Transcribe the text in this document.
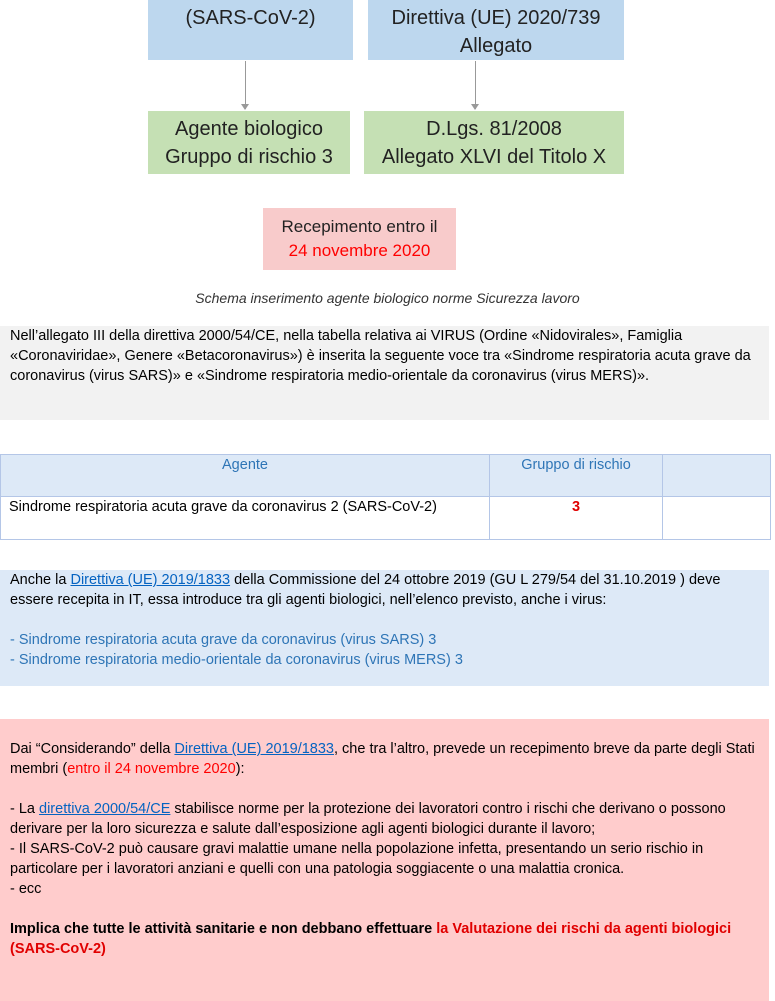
(SARS-CoV-2)	Direttiva (UE) 2020/739
Allegato
Agente biologico
Gruppo di rischio 3
D.Lgs. 81/2008
Allegato XLVI del Titolo X
Recepimento entro il
24 novembre 2020
Schema inserimento agente biologico norme Sicurezza lavoro
Nell’allegato III della direttiva 2000/54/CE, nella tabella relativa ai VIRUS (Ordine «Nidovirales», Famiglia «Coronaviridae», Genere «Betacoronavirus») è inserita la seguente voce tra «Sindrome respiratoria acuta grave da coronavirus (virus SARS)» e «Sindrome respiratoria medio-orientale da coronavirus (virus MERS)».
Agente	Gruppo di rischio	
Sindrome respiratoria acuta grave da coronavirus 2 (SARS-CoV-2)	3	
Anche la Direttiva (UE) 2019/1833 della Commissione del 24 ottobre 2019 (GU L 279/54 del 31.10.2019 ) deve essere recepita in IT, essa introduce tra gli agenti biologici, nell’elenco previsto, anche i virus:
- Sindrome respiratoria acuta grave da coronavirus (virus SARS) 3
- Sindrome respiratoria medio-orientale da coronavirus (virus MERS) 3
Dai “Considerando” della Direttiva (UE) 2019/1833, che tra l’altro, prevede un recepimento breve da parte degli Stati membri (entro il 24 novembre 2020):
- La direttiva 2000/54/CE stabilisce norme per la protezione dei lavoratori contro i rischi che derivano o possono derivare per la loro sicurezza e salute dall’esposizione agli agenti biologici durante il lavoro;
- Il SARS-CoV-2 può causare gravi malattie umane nella popolazione infetta, presentando un serio rischio in particolare per i lavoratori anziani e quelli con una patologia soggiacente o una malattia cronica.
- ecc
Implica che tutte le attività sanitarie e non debbano effettuare la Valutazione dei rischi da agenti biologici (SARS-CoV-2)
